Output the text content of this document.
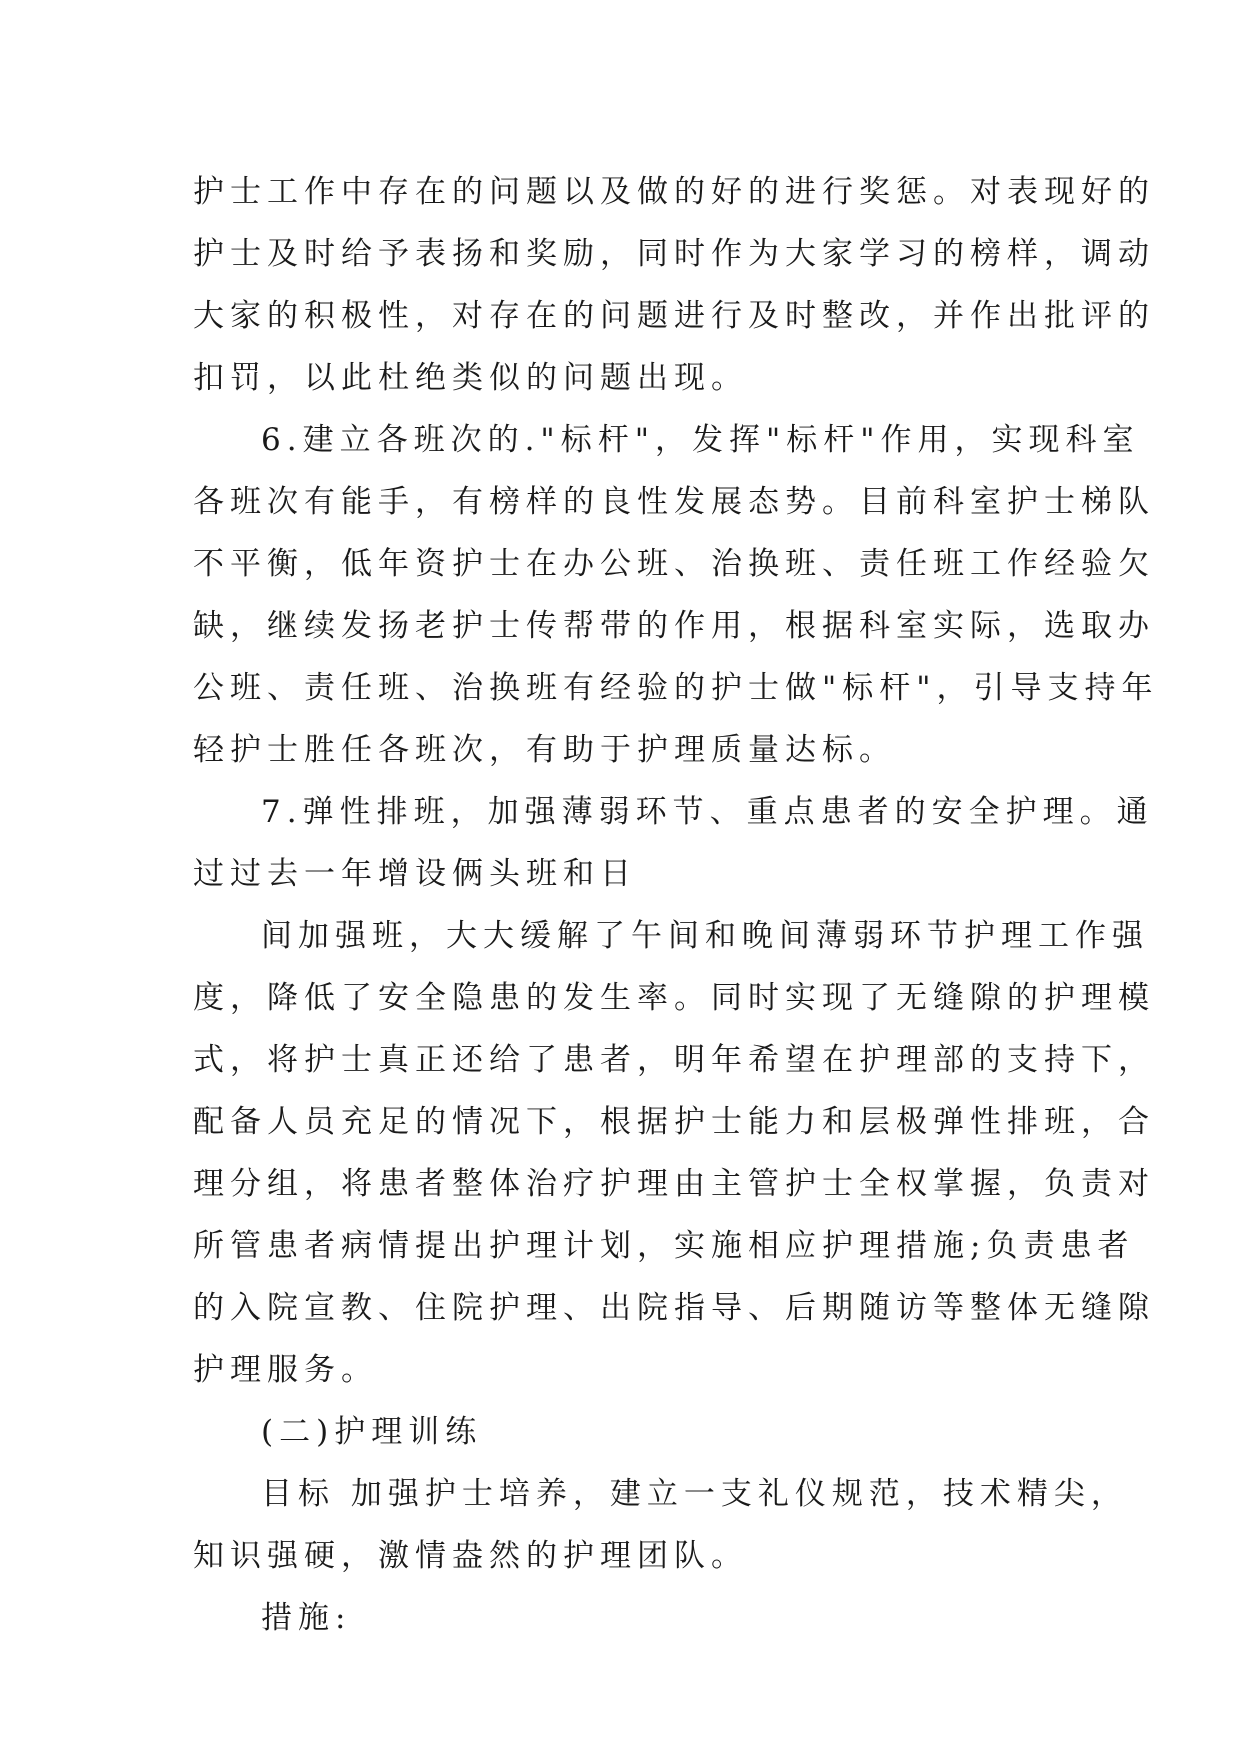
护士工作中存在的问题以及做的好的进行奖惩。对表现好的
护士及时给予表扬和奖励，同时作为大家学习的榜样，调动
大家的积极性，对存在的问题进行及时整改，并作出批评的
扣罚，以此杜绝类似的问题出现。
6.建立各班次的."标杆"，发挥"标杆"作用，实现科室
各班次有能手，有榜样的良性发展态势。目前科室护士梯队
不平衡，低年资护士在办公班、治换班、责任班工作经验欠
缺，继续发扬老护士传帮带的作用，根据科室实际，选取办
公班、责任班、治换班有经验的护士做"标杆"，引导支持年
轻护士胜任各班次，有助于护理质量达标。
7.弹性排班，加强薄弱环节、重点患者的安全护理。通
过过去一年增设俩头班和日
间加强班，大大缓解了午间和晚间薄弱环节护理工作强
度，降低了安全隐患的发生率。同时实现了无缝隙的护理模
式，将护士真正还给了患者，明年希望在护理部的支持下，
配备人员充足的情况下，根据护士能力和层极弹性排班，合
理分组，将患者整体治疗护理由主管护士全权掌握，负责对
所管患者病情提出护理计划，实施相应护理措施;负责患者
的入院宣教、住院护理、出院指导、后期随访等整体无缝隙
护理服务。
(二)护理训练
目标 加强护士培养，建立一支礼仪规范，技术精尖，
知识强硬，激情盎然的护理团队。
措施:
